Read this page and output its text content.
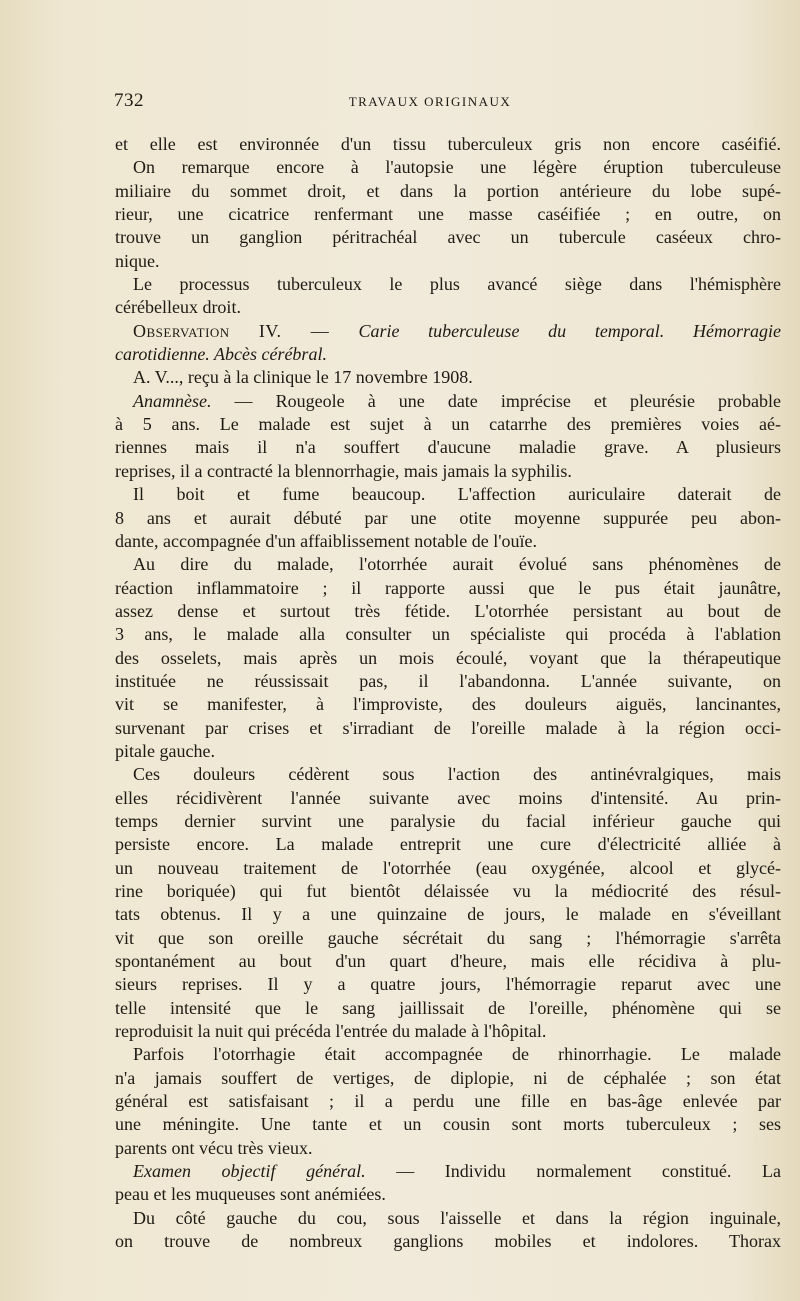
732	TRAVAUX ORIGINAUX
et elle est environnée d'un tissu tuberculeux gris non encore caséifié.
On remarque encore à l'autopsie une légère éruption tuberculeuse
miliaire du sommet droit, et dans la portion antérieure du lobe supé-
rieur, une cicatrice renfermant une masse caséifiée ; en outre, on
trouve un ganglion péritrachéal avec un tubercule caséeux chro-
nique.
Le processus tuberculeux le plus avancé siège dans l'hémisphère
cérébelleux droit.
Observation IV. — Carie tuberculeuse du temporal. Hémorragie
carotidienne. Abcès cérébral.
A. V..., reçu à la clinique le 17 novembre 1908.
Anamnèse. — Rougeole à une date imprécise et pleurésie probable
à 5 ans. Le malade est sujet à un catarrhe des premières voies aé-
riennes mais il n'a souffert d'aucune maladie grave. A plusieurs
reprises, il a contracté la blennorrhagie, mais jamais la syphilis.
Il boit et fume beaucoup. L'affection auriculaire daterait de
8 ans et aurait débuté par une otite moyenne suppurée peu abon-
dante, accompagnée d'un affaiblissement notable de l'ouïe.
Au dire du malade, l'otorrhée aurait évolué sans phénomènes de
réaction inflammatoire ; il rapporte aussi que le pus était jaunâtre,
assez dense et surtout très fétide. L'otorrhée persistant au bout de
3 ans, le malade alla consulter un spécialiste qui procéda à l'ablation
des osselets, mais après un mois écoulé, voyant que la thérapeutique
instituée ne réussissait pas, il l'abandonna. L'année suivante, on
vit se manifester, à l'improviste, des douleurs aiguës, lancinantes,
survenant par crises et s'irradiant de l'oreille malade à la région occi-
pitale gauche.
Ces douleurs cédèrent sous l'action des antinévralgiques, mais
elles récidivèrent l'année suivante avec moins d'intensité. Au prin-
temps dernier survint une paralysie du facial inférieur gauche qui
persiste encore. La malade entreprit une cure d'électricité alliée à
un nouveau traitement de l'otorrhée (eau oxygénée, alcool et glycé-
rine boriquée) qui fut bientôt délaissée vu la médiocrité des résul-
tats obtenus. Il y a une quinzaine de jours, le malade en s'éveillant
vit que son oreille gauche sécrétait du sang ; l'hémorragie s'arrêta
spontanément au bout d'un quart d'heure, mais elle récidiva à plu-
sieurs reprises. Il y a quatre jours, l'hémorragie reparut avec une
telle intensité que le sang jaillissait de l'oreille, phénomène qui se
reproduisit la nuit qui précéda l'entrée du malade à l'hôpital.
Parfois l'otorrhagie était accompagnée de rhinorrhagie. Le malade
n'a jamais souffert de vertiges, de diplopie, ni de céphalée ; son état
général est satisfaisant ; il a perdu une fille en bas-âge enlevée par
une méningite. Une tante et un cousin sont morts tuberculeux ; ses
parents ont vécu très vieux.
Examen objectif général. — Individu normalement constitué. La
peau et les muqueuses sont anémiées.
Du côté gauche du cou, sous l'aisselle et dans la région inguinale,
on trouve de nombreux ganglions mobiles et indolores. Thorax
